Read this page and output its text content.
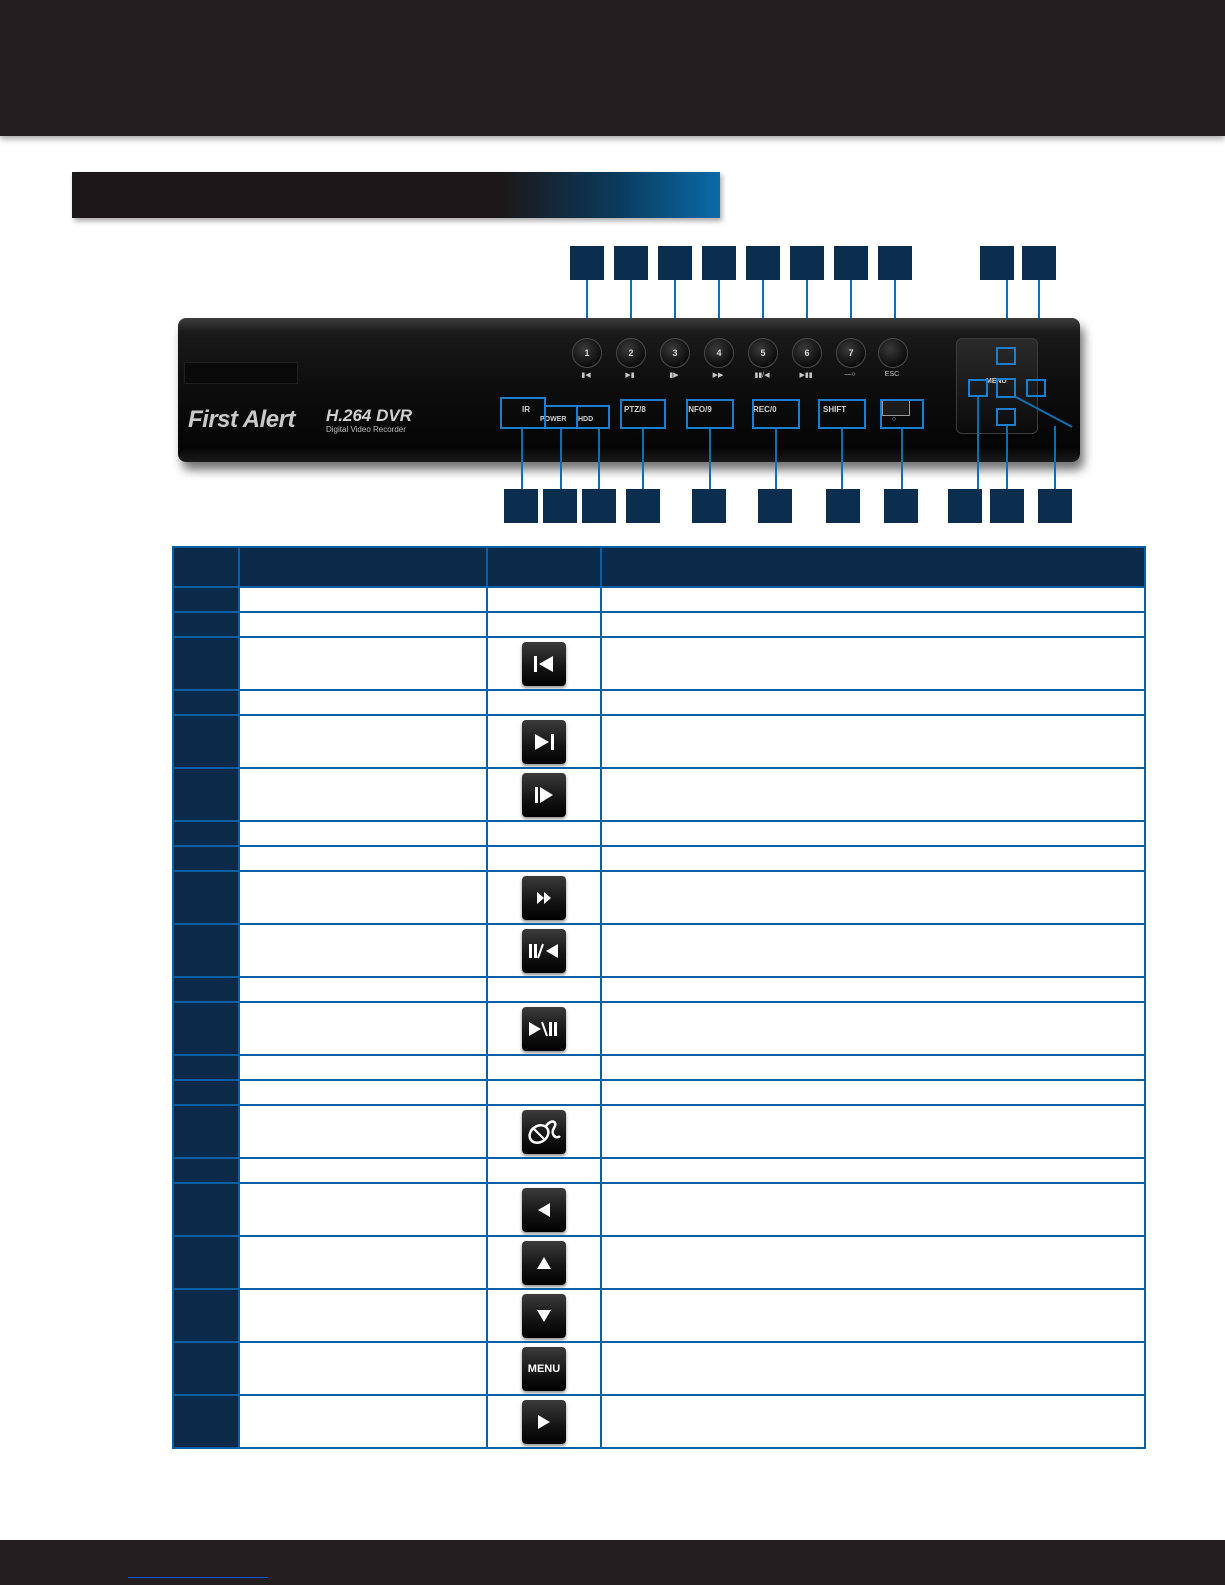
First Alert H.264 DVR
Digital Video Recorder
1	2	3	4	5	6	7
ESC
▮◀	▶▮	▮▶	▶▶	▮▮/◀	▶▮▮	—○
IR
POWER HDD
PTZ/8	INFO/9	REC/0	SHIFT
○
MENU

		MENU	
